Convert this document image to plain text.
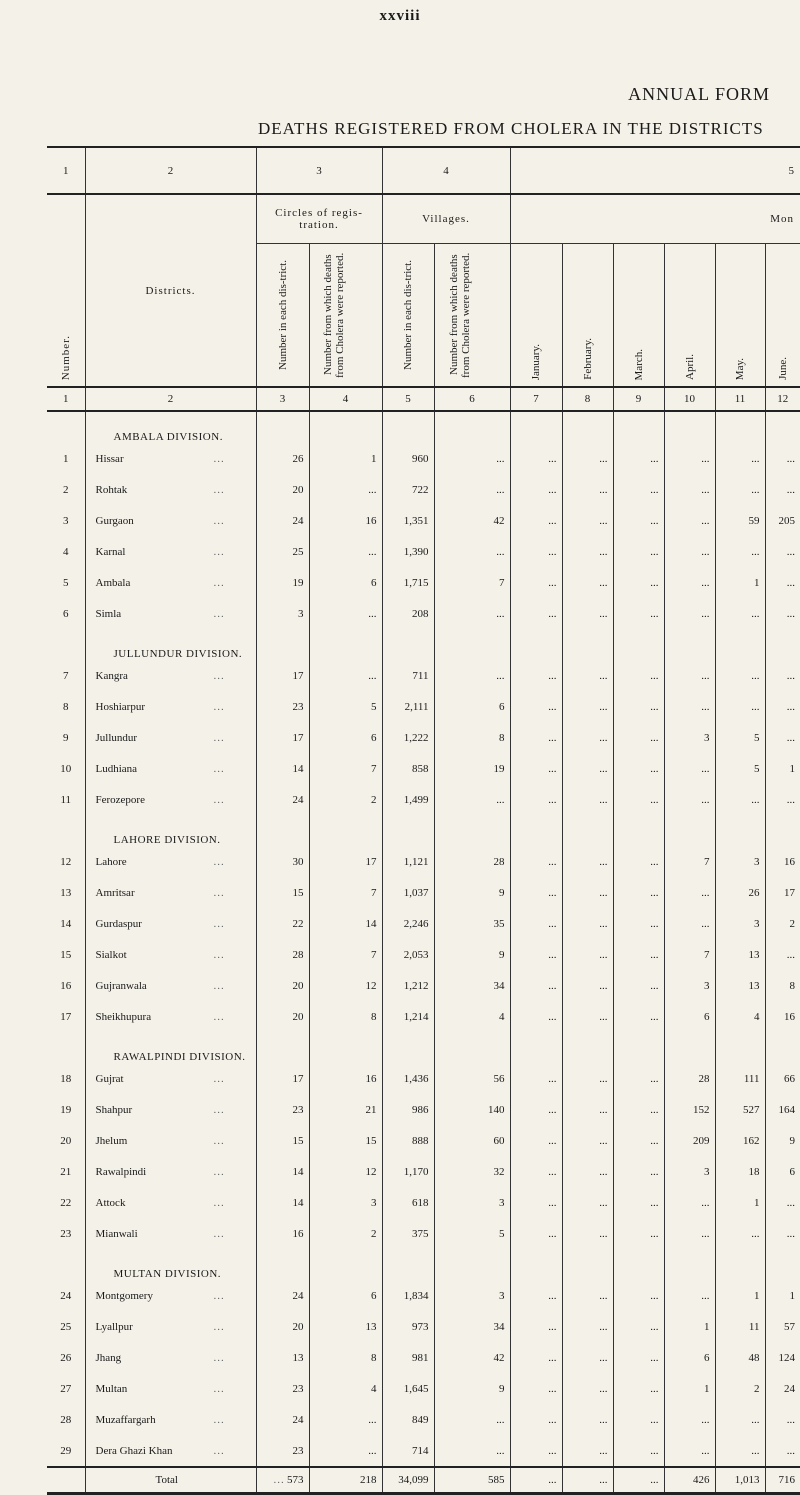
xxviii
ANNUAL FORM
DEATHS REGISTERED FROM CHOLERA IN THE DISTRICTS
1	2	3		4		5					

Number.	Districts.	Circles of regis-tration.		Villages.		Mon					

		Number in each dis-trict.	Number from which deaths from Cholera were reported.	Number in each dis-trict.	Number from which deaths from Cholera were reported.	January.	February.	March.	April.	May.	June.

1	2	3	4	5	6	7	8	9	10	11	12
	AMBALA DIVISION.										
1	Hissar ...	26	1	960	...	...	...	...	...	...	...
2	Rohtak ...	20	...	722	...	...	...	...	...	...	...
3	Gurgaon ...	24	16	1,351	42	...	...	...	...	59	205
4	Karnal ...	25	...	1,390	...	...	...	...	...	...	...
5	Ambala ...	19	6	1,715	7	...	...	...	...	1	...
6	Simla ...	3	...	208	...	...	...	...	...	...	...
	JULLUNDUR DIVISION.										
7	Kangra ...	17	...	711	...	...	...	...	...	...	...
8	Hoshiarpur ...	23	5	2,111	6	...	...	...	...	...	...
9	Jullundur ...	17	6	1,222	8	...	...	...	3	5	...
10	Ludhiana ...	14	7	858	19	...	...	...	...	5	1
11	Ferozepore ...	24	2	1,499	...	...	...	...	...	...	...
	LAHORE DIVISION.										
12	Lahore ...	30	17	1,121	28	...	...	...	7	3	16
13	Amritsar ...	15	7	1,037	9	...	...	...	...	26	17
14	Gurdaspur ...	22	14	2,246	35	...	...	...	...	3	2
15	Sialkot ...	28	7	2,053	9	...	...	...	7	13	...
16	Gujranwala ...	20	12	1,212	34	...	...	...	3	13	8
17	Sheikhupura ...	20	8	1,214	4	...	...	...	6	4	16
	RAWALPINDI DIVISION.										
18	Gujrat ...	17	16	1,436	56	...	...	...	28	111	66
19	Shahpur ...	23	21	986	140	...	...	...	152	527	164
20	Jhelum ...	15	15	888	60	...	...	...	209	162	9
21	Rawalpindi ...	14	12	1,170	32	...	...	...	3	18	6
22	Attock ...	14	3	618	3	...	...	...	...	1	...
23	Mianwali ...	16	2	375	5	...	...	...	...	...	...
	MULTAN DIVISION.										
24	Montgomery ...	24	6	1,834	3	...	...	...	...	1	1
25	Lyallpur ...	20	13	973	34	...	...	...	1	11	57
26	Jhang ...	13	8	981	42	...	...	...	6	48	124
27	Multan ...	23	4	1,645	9	...	...	...	1	2	24
28	Muzaffargarh ...	24	...	849	...	...	...	...	...	...	...
29	Dera Ghazi Khan ...	23	...	714	...	...	...	...	...	...	...
	Total ...	573	218	34,099	585	...	...	...	426	1,013	716
